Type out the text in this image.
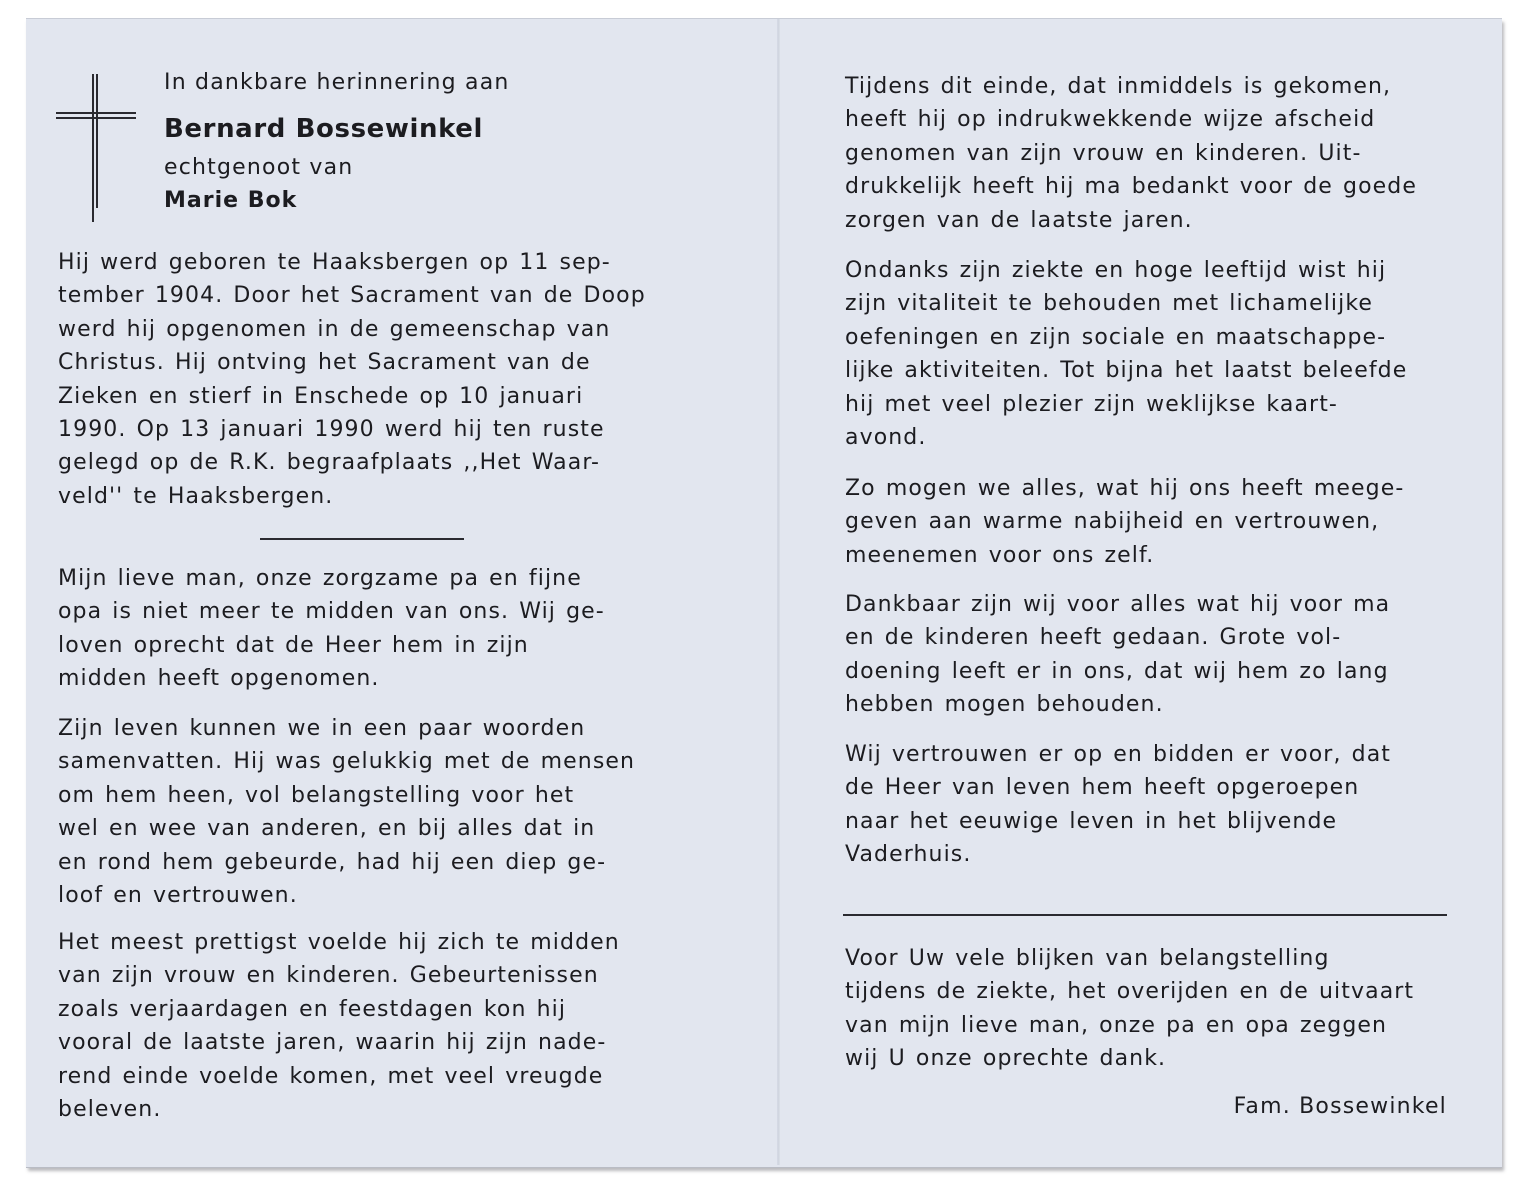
In dankbare herinnering aan
Bernard Bossewinkel
echtgenoot van
Marie Bok

Hij werd geboren te Haaksbergen op 11 sep-
tember 1904. Door het Sacrament van de Doop
werd hij opgenomen in de gemeenschap van
Christus. Hij ontving het Sacrament van de
Zieken en stierf in Enschede op 10 januari
1990. Op 13 januari 1990 werd hij ten ruste
gelegd op de R.K. begraafplaats ,,Het Waar-
veld'' te Haaksbergen.

Mijn lieve man, onze zorgzame pa en fijne
opa is niet meer te midden van ons. Wij ge-
loven oprecht dat de Heer hem in zijn
midden heeft opgenomen.

Zijn leven kunnen we in een paar woorden
samenvatten. Hij was gelukkig met de mensen
om hem heen, vol belangstelling voor het
wel en wee van anderen, en bij alles dat in
en rond hem gebeurde, had hij een diep ge-
loof en vertrouwen.

Het meest prettigst voelde hij zich te midden
van zijn vrouw en kinderen. Gebeurtenissen
zoals verjaardagen en feestdagen kon hij
vooral de laatste jaren, waarin hij zijn nade-
rend einde voelde komen, met veel vreugde
beleven.

Tijdens dit einde, dat inmiddels is gekomen,
heeft hij op indrukwekkende wijze afscheid
genomen van zijn vrouw en kinderen. Uit-
drukkelijk heeft hij ma bedankt voor de goede
zorgen van de laatste jaren.

Ondanks zijn ziekte en hoge leeftijd wist hij
zijn vitaliteit te behouden met lichamelijke
oefeningen en zijn sociale en maatschappe-
lijke aktiviteiten. Tot bijna het laatst beleefde
hij met veel plezier zijn weklijkse kaart-
avond.

Zo mogen we alles, wat hij ons heeft meege-
geven aan warme nabijheid en vertrouwen,
meenemen voor ons zelf.

Dankbaar zijn wij voor alles wat hij voor ma
en de kinderen heeft gedaan. Grote vol-
doening leeft er in ons, dat wij hem zo lang
hebben mogen behouden.

Wij vertrouwen er op en bidden er voor, dat
de Heer van leven hem heeft opgeroepen
naar het eeuwige leven in het blijvende
Vaderhuis.

Voor Uw vele blijken van belangstelling
tijdens de ziekte, het overijden en de uitvaart
van mijn lieve man, onze pa en opa zeggen
wij U onze oprechte dank.

Fam. Bossewinkel
